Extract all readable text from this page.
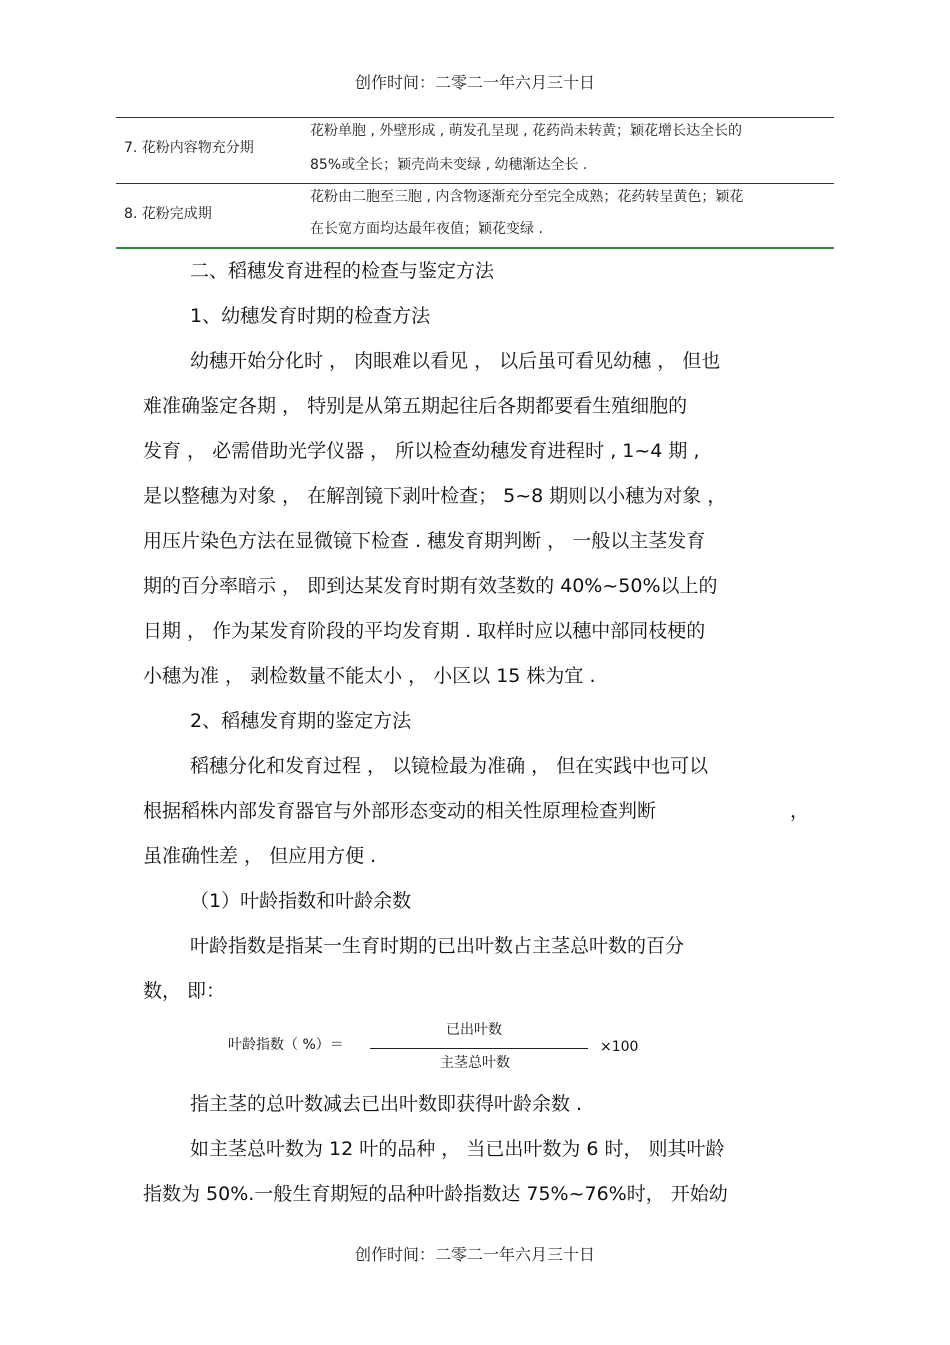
创作时间：二零二一年六月三十日
7. 花粉内容物充分期
花粉单胞 , 外壁形成 , 萌发孔呈现 , 花药尚未转黄；颖花增长达全长的
85%或全长；颖壳尚未变绿 , 幼穗渐达全长 .
8. 花粉完成期
花粉由二胞至三胞 , 内含物逐渐充分至完全成熟；花药转呈黄色；颖花
在长宽方面均达最年夜值；颖花变绿 .
二、稻穗发育进程的检查与鉴定方法
1、幼穗发育时期的检查方法
幼穗开始分化时 ， 肉眼难以看见 ， 以后虽可看见幼穗 ， 但也
难准确鉴定各期 ， 特别是从第五期起往后各期都要看生殖细胞的
发育 ， 必需借助光学仪器 ， 所以检查幼穗发育进程时 , 1~4 期 ,
是以整穗为对象 ， 在解剖镜下剥叶检查； 5~8 期则以小穗为对象 ，
用压片染色方法在显微镜下检查 . 穗发育期判断 ， 一般以主茎发育
期的百分率暗示 ， 即到达某发育时期有效茎数的 40%~50%以上的
日期 ， 作为某发育阶段的平均发育期 . 取样时应以穗中部同枝梗的
小穗为准 ， 剥检数量不能太小 ， 小区以 15 株为宜 .
2、稻穗发育期的鉴定方法
稻穗分化和发育过程 ， 以镜检最为准确 ， 但在实践中也可以
根据稻株内部发育器官与外部形态变动的相关性原理检查判断	，
虽准确性差 ， 但应用方便 .
（1）叶龄指数和叶龄余数
叶龄指数是指某一生育时期的已出叶数占主茎总叶数的百分
数， 即：
叶龄指数（ %）＝
已出叶数
主茎总叶数
×100
指主茎的总叶数减去已出叶数即获得叶龄余数 .
如主茎总叶数为 12 叶的品种 ， 当已出叶数为 6 时， 则其叶龄
指数为 50%.一般生育期短的品种叶龄指数达 75%~76%时， 开始幼
创作时间：二零二一年六月三十日
